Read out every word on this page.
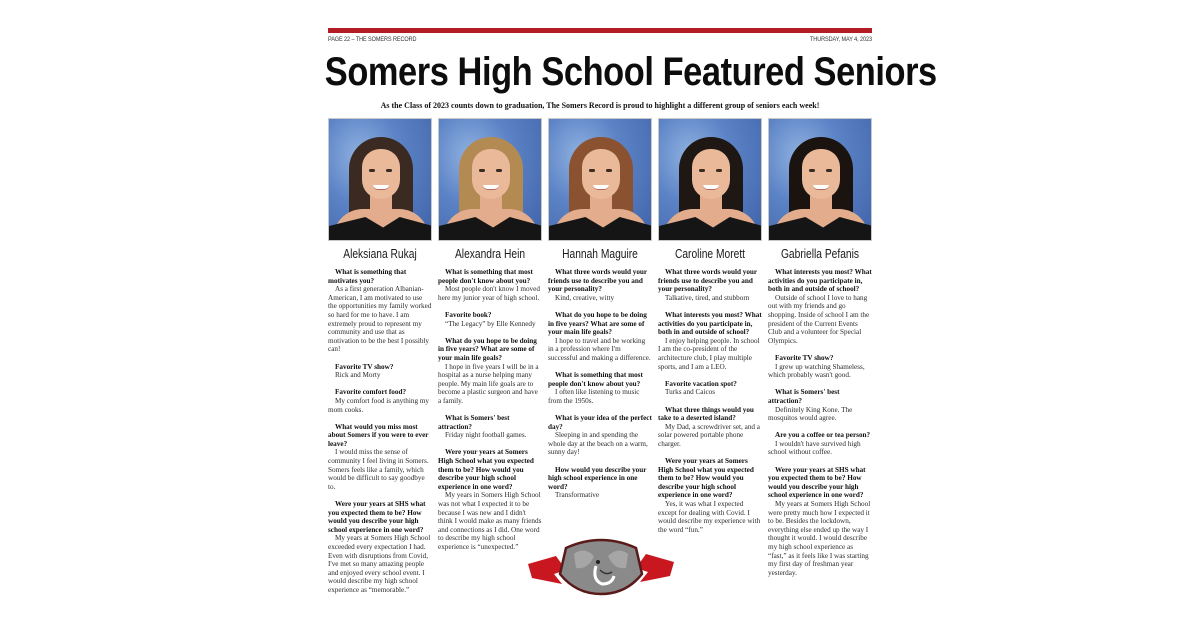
PAGE 22 – THE SOMERS RECORD	THURSDAY, MAY 4, 2023
Somers High School Featured Seniors
As the Class of 2023 counts down to graduation, The Somers Record is proud to highlight a different group of seniors each week!
Aleksiana Rukaj	Alexandra Hein	Hannah Maguire	Caroline Morett	Gabriella Pefanis
What is something that motivates you?
As a first generation Albanian-American, I am motivated to use the opportunities my family worked so hard for me to have. I am extremely proud to represent my community and use that as motivation to be the best I possibly can!
Favorite TV show?
Rick and Morty
Favorite comfort food?
My comfort food is anything my mom cooks.
What would you miss most about Somers if you were to ever leave?
I would miss the sense of community I feel living in Somers. Somers feels like a family, which would be difficult to say goodbye to.
Were your years at SHS what you expected them to be? How would you describe your high school experience in one word?
My years at Somers High School exceeded every expectation I had. Even with disruptions from Covid, I've met so many amazing people and enjoyed every school event. I would describe my high school experience as “memorable.”
What is something that most people don't know about you?
Most people don't know I moved here my junior year of high school.
Favorite book?
“The Legacy” by Elle Kennedy
What do you hope to be doing in five years? What are some of your main life goals?
I hope in five years I will be in a hospital as a nurse helping many people. My main life goals are to become a plastic surgeon and have a family.
What is Somers' best attraction?
Friday night football games.
Were your years at Somers High School what you expected them to be? How would you describe your high school experience in one word?
My years in Somers High School was not what I expected it to be because I was new and I didn't think I would make as many friends and connections as I did. One word to describe my high school experience is “unexpected.”
What three words would your friends use to describe you and your personality?
Kind, creative, witty
What do you hope to be doing in five years? What are some of your main life goals?
I hope to travel and be working in a profession where I'm successful and making a difference.
What is something that most people don't know about you?
I often like listening to music from the 1950s.
What is your idea of the perfect day?
Sleeping in and spending the whole day at the beach on a warm, sunny day!
How would you describe your high school experience in one word?
Transformative
What three words would your friends use to describe you and your personality?
Talkative, tired, and stubborn
What interests you most? What activities do you participate in, both in and outside of school?
I enjoy helping people. In school I am the co-president of the architecture club, I play multiple sports, and I am a LEO.
Favorite vacation spot?
Turks and Caicos
What three things would you take to a deserted island?
My Dad, a screwdriver set, and a solar powered portable phone charger.
Were your years at Somers High School what you expected them to be? How would you describe your high school experience in one word?
Yes, it was what I expected except for dealing with Covid. I would describe my experience with the word “fun.”
What interests you most? What activities do you participate in, both in and outside of school?
Outside of school I love to hang out with my friends and go shopping. Inside of school I am the president of the Current Events Club and a volunteer for Special Olympics.
Favorite TV show?
I grew up watching Shameless, which probably wasn't good.
What is Somers' best attraction?
Definitely King Kone. The mosquitos would agree.
Are you a coffee or tea person?
I wouldn't have survived high school without coffee.
Were your years at SHS what you expected them to be? How would you describe your high school experience in one word?
My years at Somers High School were pretty much how I expected it to be. Besides the lockdown, everything else ended up the way I thought it would. I would describe my high school experience as “fast,” as it feels like I was starting my first day of freshman year yesterday.
